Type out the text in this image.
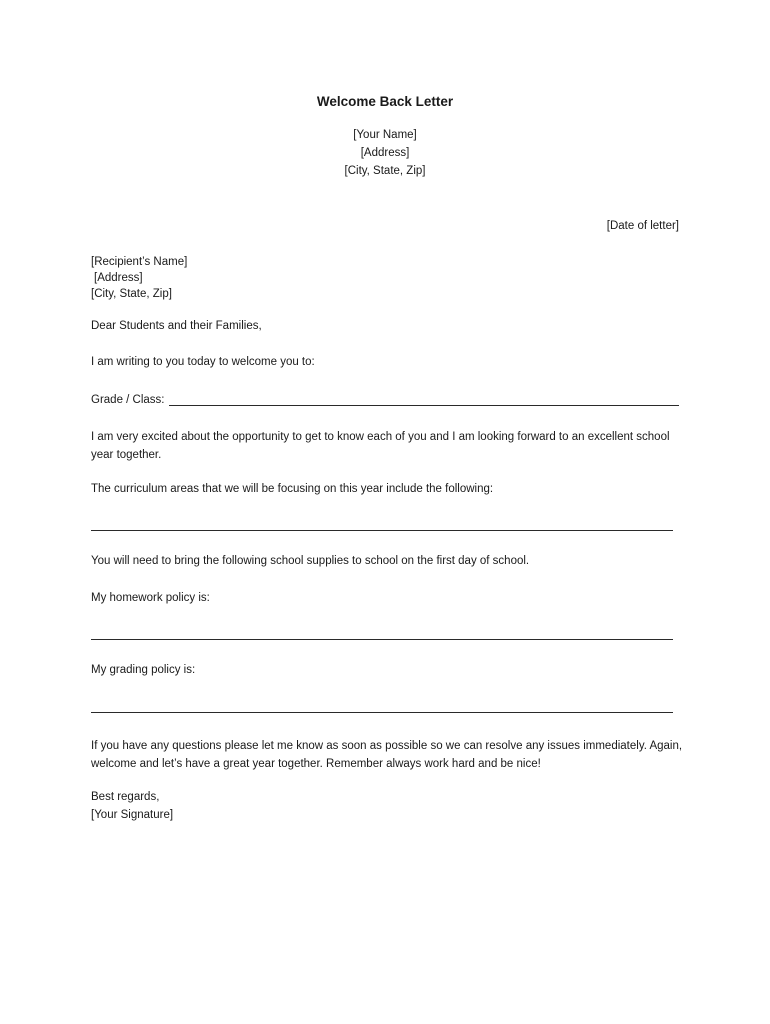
Welcome Back Letter
[Your Name]
[Address]
[City, State, Zip]
[Date of letter]
[Recipient’s Name]
[Address]
[City, State, Zip]
Dear Students and their Families,
I am writing to you today to welcome you to:
Grade / Class:
I am very excited about the opportunity to get to know each of you and I am looking forward to an excellent school year together.
The curriculum areas that we will be focusing on this year include the following:
You will need to bring the following school supplies to school on the first day of school.
My homework policy is:
My grading policy is:
If you have any questions please let me know as soon as possible so we can resolve any issues immediately. Again, welcome and let’s have a great year together. Remember always work hard and be nice!
Best regards,
[Your Signature]
